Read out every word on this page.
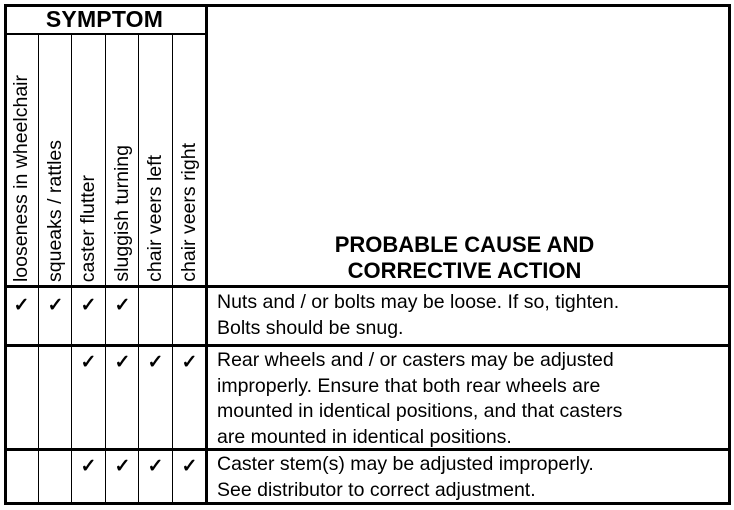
SYMPTOM
looseness in wheelchair squeaks / rattles caster flutter sluggish turning chair veers left chair veers right	PROBABLE CAUSE AND
CORRECTIVE ACTION
Nuts and / or bolts may be loose. If so, tighten.
Bolts should be snug.
Rear wheels and / or casters may be adjusted
improperly. Ensure that both rear wheels are
mounted in identical positions, and that casters
are mounted in identical positions.
Caster stem(s) may be adjusted improperly.
See distributor to correct adjustment.
✓ ✓ ✓ ✓
✓ ✓ ✓ ✓
✓ ✓ ✓ ✓
